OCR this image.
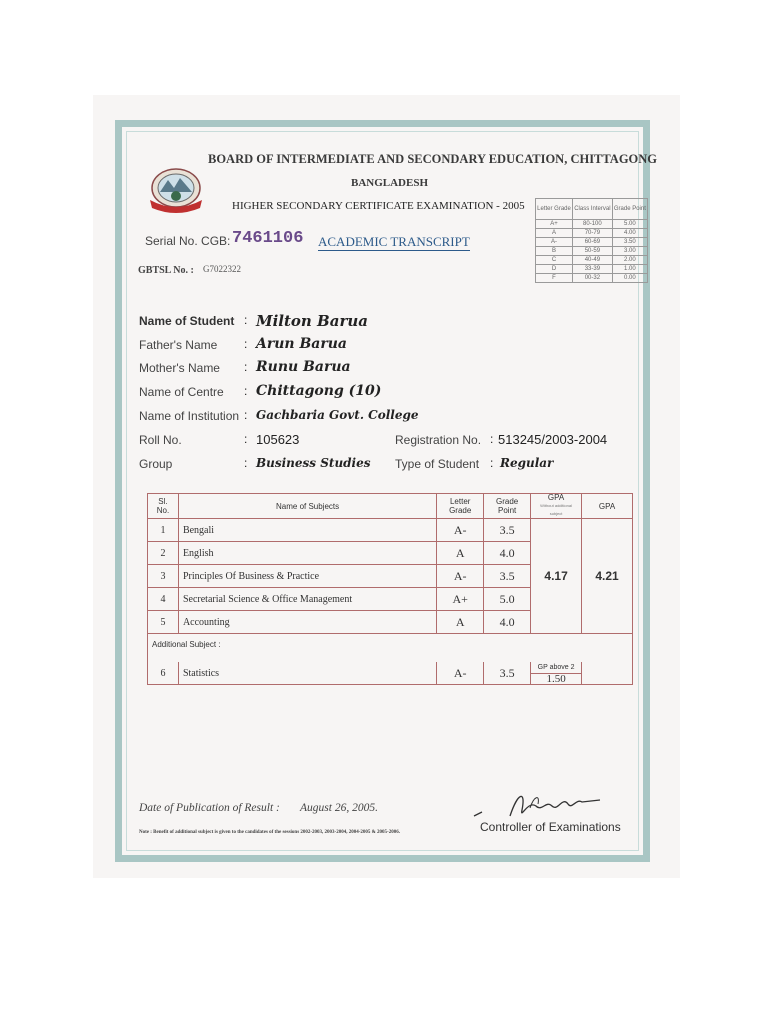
BOARD OF INTERMEDIATE AND SECONDARY EDUCATION, CHITTAGONG
BANGLADESH
HIGHER SECONDARY CERTIFICATE EXAMINATION - 2005
Serial No. CGB: 7461106 ACADEMIC TRANSCRIPT
GBTSL No. : G7022322
Letter Grade	Class Interval	Grade Point
A+	80-100	5.00
A	70-79	4.00
A-	60-69	3.50
B	50-59	3.00
C	40-49	2.00
D	33-39	1.00
F	00-32	0.00
Name of Student : Milton Barua
Father's Name : Arun Barua
Mother's Name : Runu Barua
Name of Centre : Chittagong (10)
Name of Institution : Gachbaria Govt. College
Roll No.	: 105623	Registration No. : 513245/2003-2004
Group	: Business Studies Type of Student : Regular
Sl. No.	Name of Subjects	Letter Grade	Grade Point	GPA
Without additional subject	GPA
1	Bengali	A-	3.5	4.17	4.21
2	English	A	4.0		
3	Principles Of Business & Practice	A-	3.5		
4	Secretarial Science & Office Management	A+	5.0		
5	Accounting	A	4.0		
Additional Subject :					
6	Statistics	A-	3.5	GP above 2
1.50	

Date of Publication of Result : August 26, 2005.
Controller of Examinations
Note : Benefit of additional subject is given to the candidates of the sessions 2002-2003, 2003-2004, 2004-2005 & 2005-2006.
